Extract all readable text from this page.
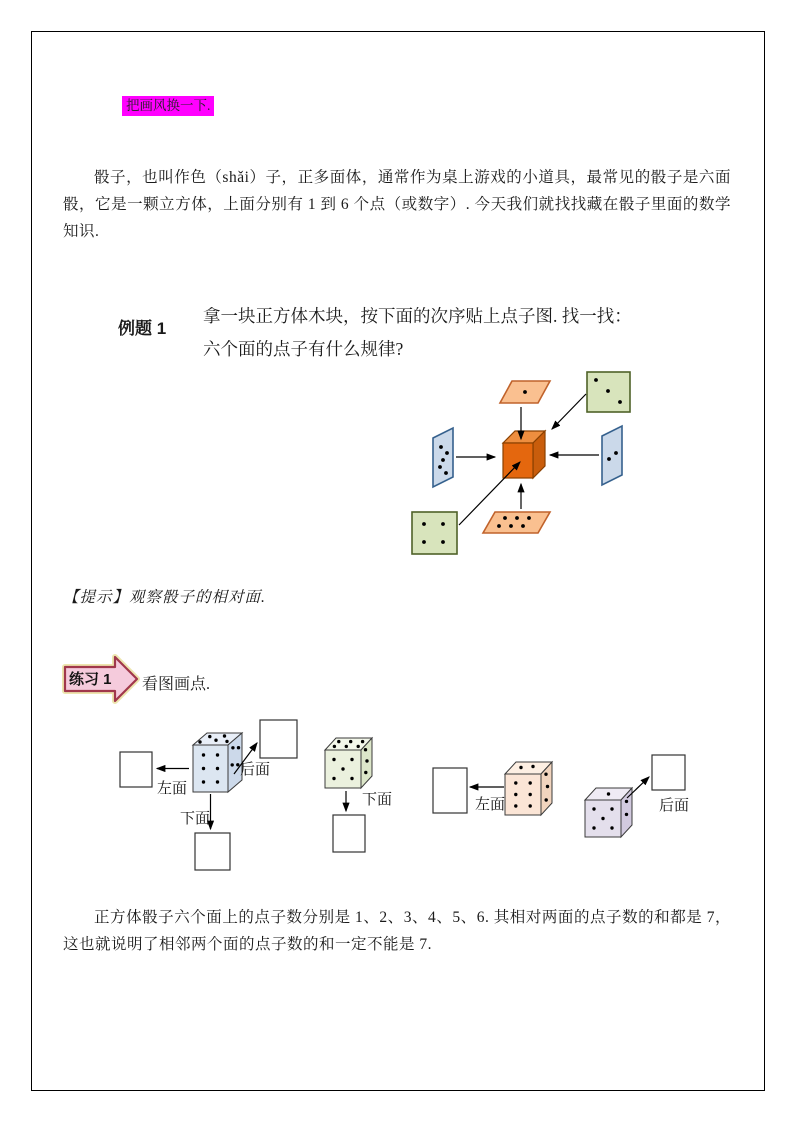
把画风换一下.
骰子，也叫作色（shǎi）子，正多面体，通常作为桌上游戏的小道具，最常见的骰子是六面骰，它是一颗立方体，上面分别有 1 到 6 个点（或数字）. 今天我们就找找藏在骰子里面的数学知识.
例题 1
拿一块正方体木块，按下面的次序贴上点子图. 找一找：
六个面的点子有什么规律?
【提示】观察骰子的相对面.
练习 1 看图画点.
左面
后面
下面
下面	左面	后面
正方体骰子六个面上的点子数分别是 1、2、3、4、5、6. 其相对两面的点子数的和都是 7，这也就说明了相邻两个面的点子数的和一定不能是 7.
